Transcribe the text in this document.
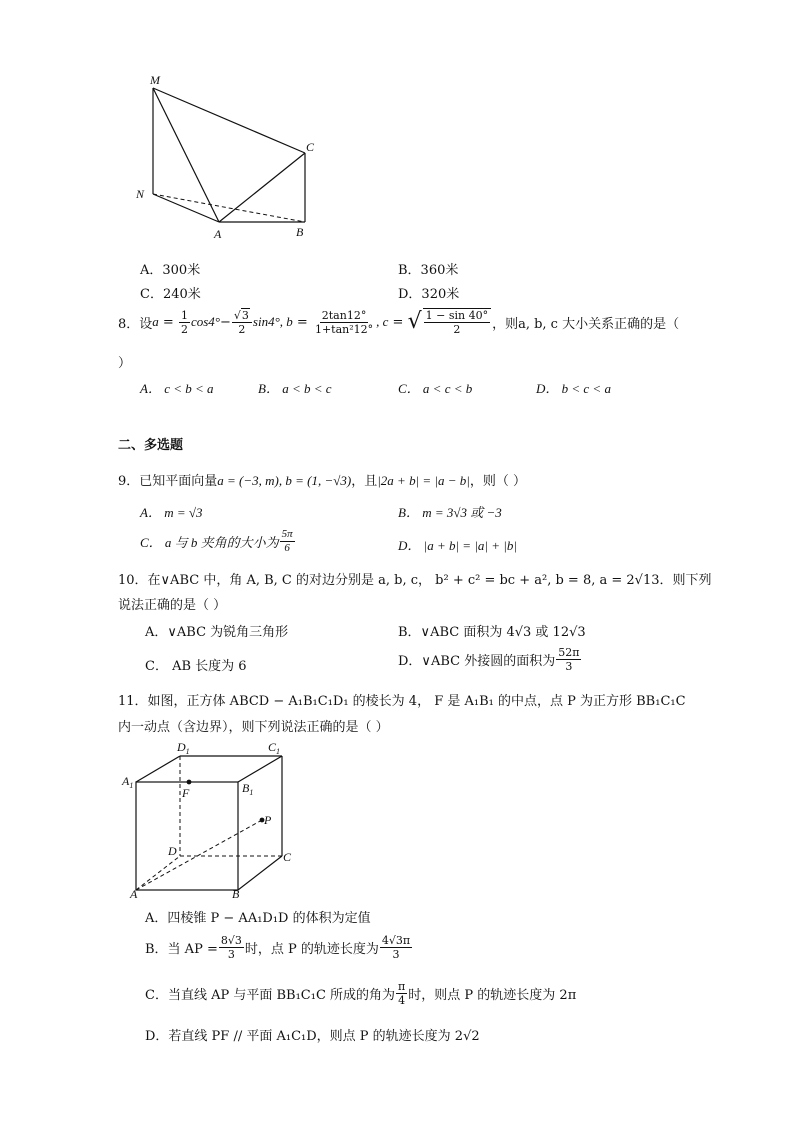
M
C
N
A	B
A．300米	B．360米
C．240米	D．320米
8．设 $a = \frac{1}{2} \cos 4^\circ - \frac{√3}{2} \sin 4^\circ$, $b = \frac{2\tan 12^\circ}{\text{1+tan²12°}}$ , c = √ $\frac{1 - \sin 40^\circ}{2}$ ，则a, b, c 大小关系正确的是（
）
A． c < b < a	B． a < b < c	C． a < c < b	D． b < c < a
二、多选题
9．已知平面向量a = (−3, m), b = (1, −√3)，且|2a + b| = |a − b|，则（ ）
A． m = √3	B． m = 3√3 或 −3
C． a 与 b 夹角的大小为 $\frac{5\pi}{6}$	D． |a + b| = |a| + |b|
10．在∨ABC 中，角 A, B, C 的对边分别是 a, b, c， b² + c² = bc + a², b = 8, a = 2√13．则下列
说法正确的是（ ）
A．∨ABC 为锐角三角形	B．∨ABC 面积为 4√3 或 12√3
C． AB 长度为 6	D．∨ABC 外接圆的面积为 $\frac{52\pi}{3}$
11．如图，正方体 ABCD − A₁B₁C₁D₁ 的棱长为 4， F 是 A₁B₁ 的中点，点 P 为正方形 BB₁C₁C
内一动点（含边界），则下列说法正确的是（ ）
$D_1$	$C_1$
$A_1$	$B_1$
F
P
D	C
A	B
A．四棱锥 P − AA₁D₁D 的体积为定值
B．当 AP = $\frac{8√3}{3}$ 时，点 P 的轨迹长度为 $\frac{4√3\pi}{3}$
C．当直线 AP 与平面 BB₁C₁C 所成的角为 $\frac{\pi}{4}$ 时，则点 P 的轨迹长度为 2π
D．若直线 PF // 平面 A₁C₁D，则点 P 的轨迹长度为 2√2
